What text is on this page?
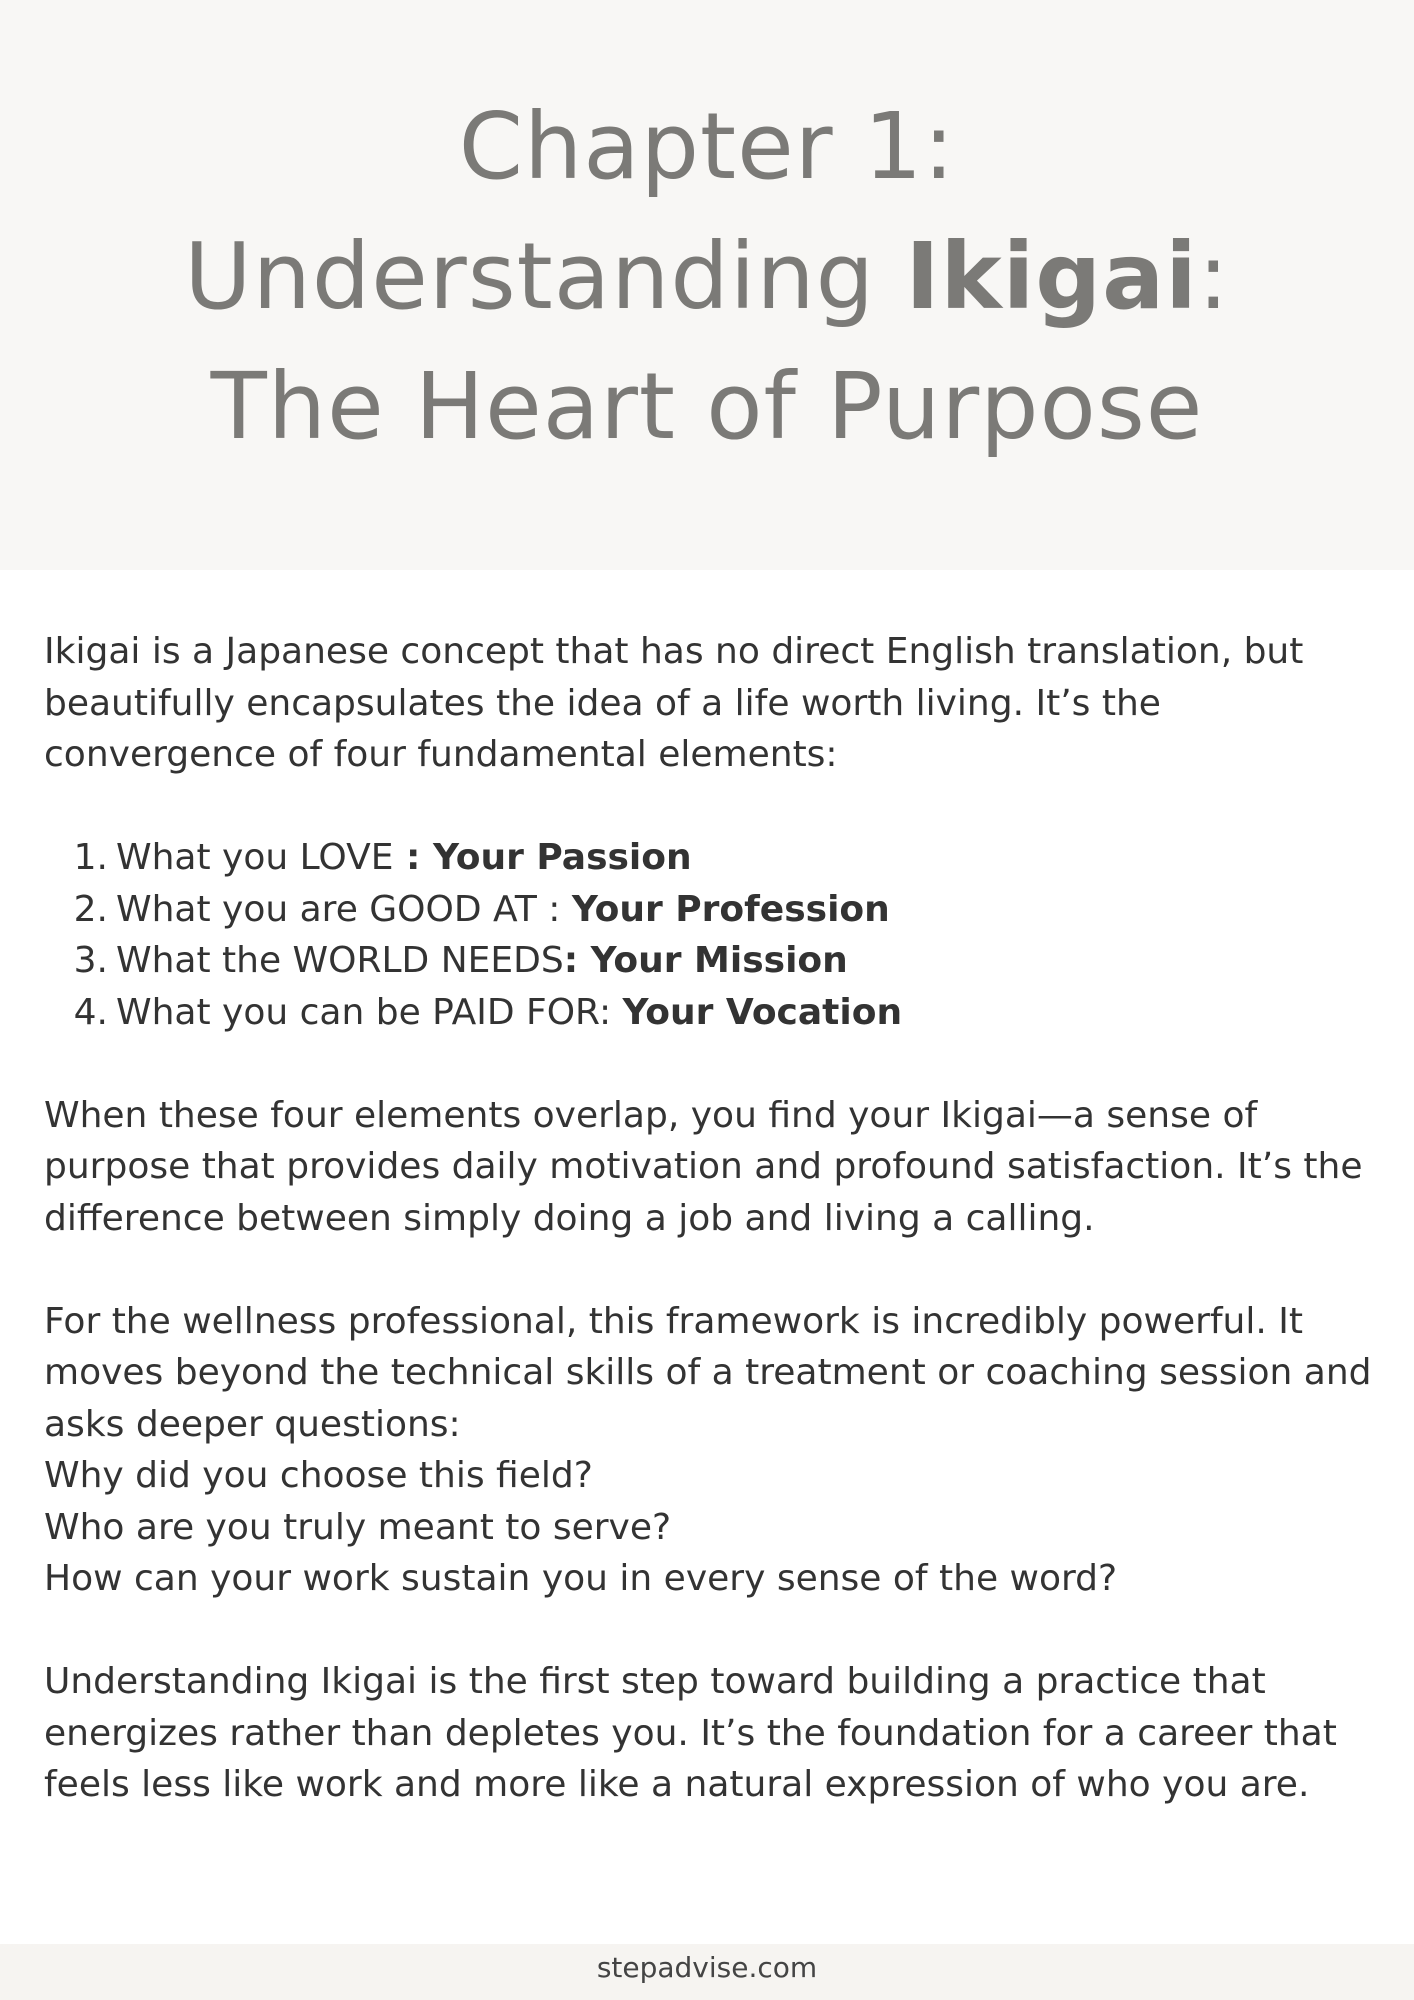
Chapter 1:
Understanding Ikigai:
The Heart of Purpose

Ikigai is a Japanese concept that has no direct English translation, but beautifully encapsulates the idea of a life worth living. It’s the convergence of four fundamental elements:

1. What you LOVE : Your Passion
2. What you are GOOD AT : Your Profession
3. What the WORLD NEEDS: Your Mission
4. What you can be PAID FOR: Your Vocation

When these four elements overlap, you find your Ikigai—a sense of purpose that provides daily motivation and profound satisfaction. It’s the difference between simply doing a job and living a calling.

For the wellness professional, this framework is incredibly powerful. It moves beyond the technical skills of a treatment or coaching session and asks deeper questions:

Why did you choose this field?

Who are you truly meant to serve?

How can your work sustain you in every sense of the word?

Understanding Ikigai is the first step toward building a practice that energizes rather than depletes you. It’s the foundation for a career that feels less like work and more like a natural expression of who you are.

stepadvise.com
